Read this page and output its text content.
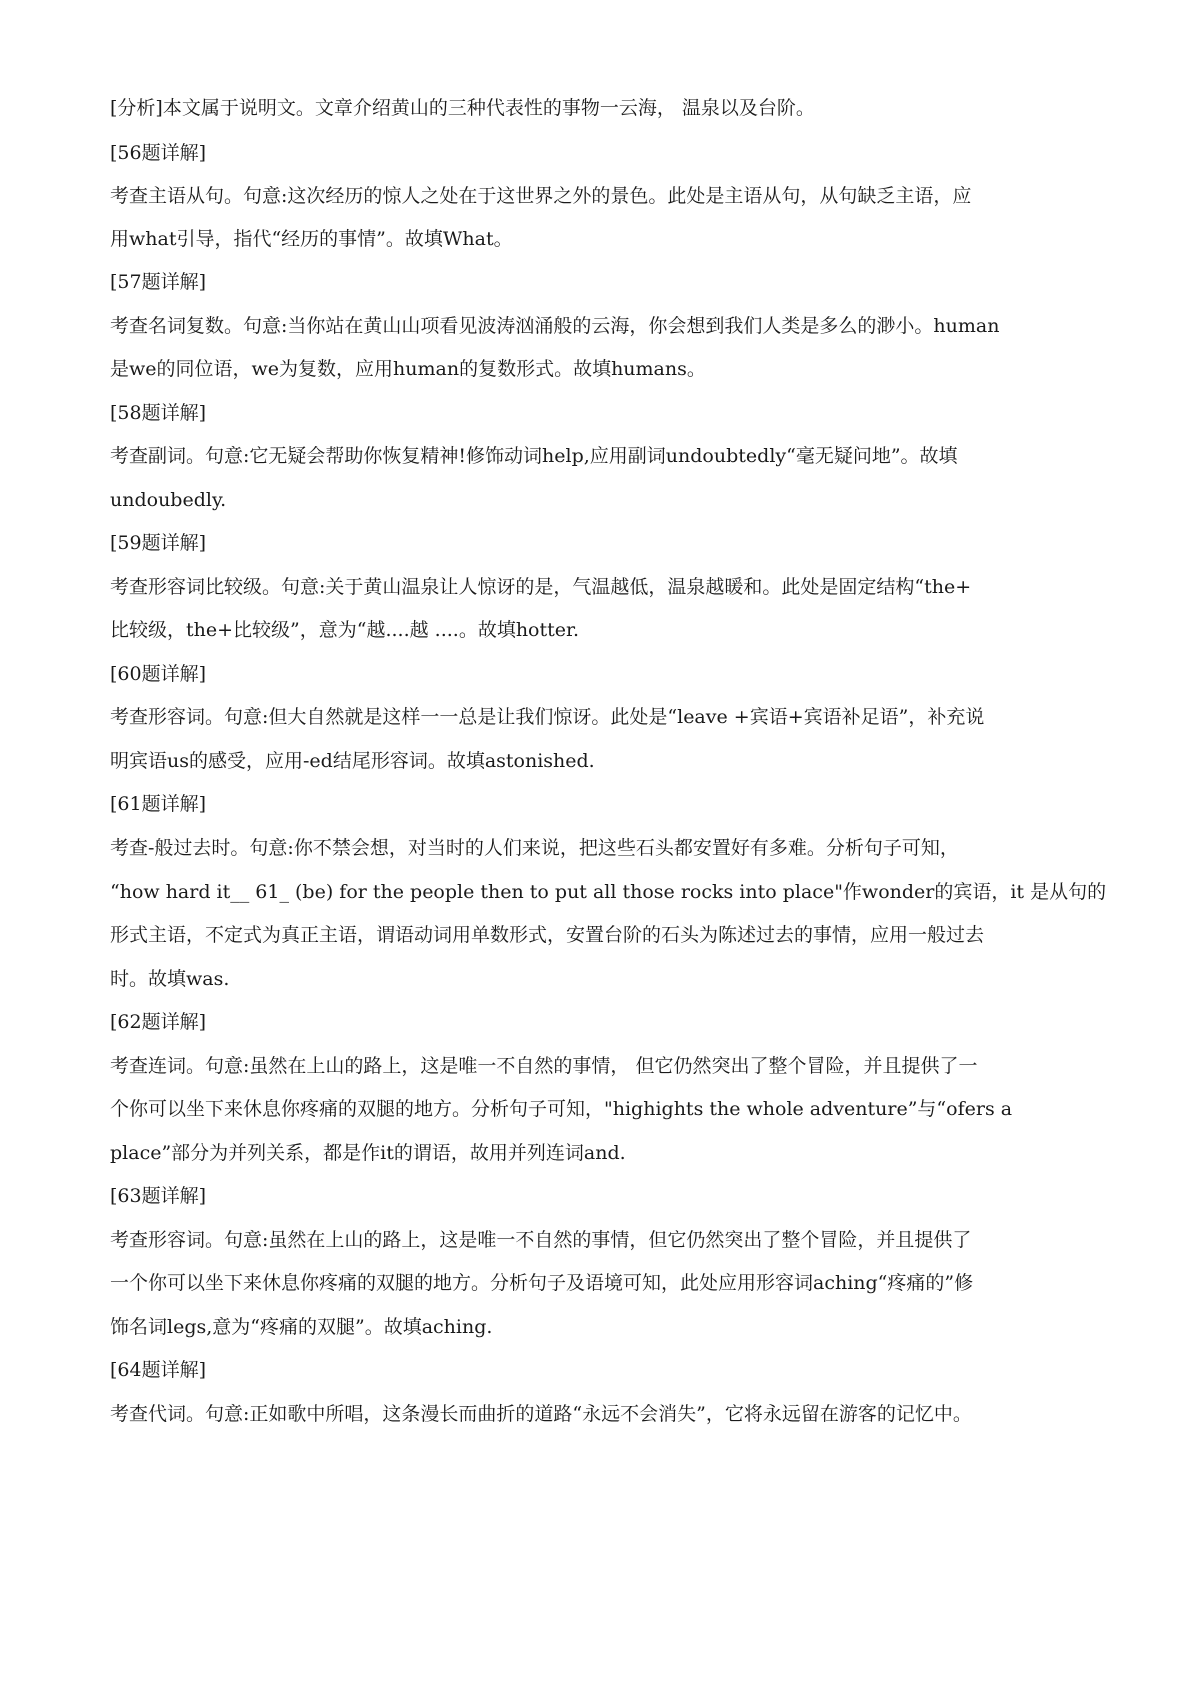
[分析]本文属于说明文。文章介绍黄山的三种代表性的事物一云海， 温泉以及台阶。

[56题详解]

考查主语从句。句意:这次经历的惊人之处在于这世界之外的景色。此处是主语从句，从句缺乏主语，应

用what引导，指代“经历的事情”。故填What。

[57题详解]

考查名词复数。句意:当你站在黄山山项看见波涛汹涌般的云海，你会想到我们人类是多么的渺小。human

是we的同位语，we为复数，应用human的复数形式。故填humans。

[58题详解]

考查副词。句意:它无疑会帮助你恢复精神!修饰动词help,应用副词undoubtedly“毫无疑问地”。故填

undoubedly.

[59题详解]

考查形容词比较级。句意:关于黄山温泉让人惊讶的是，气温越低，温泉越暖和。此处是固定结构“the+

比较级，the+比较级”，意为“越....越 ....。故填hotter.

[60题详解]

考查形容词。句意:但大自然就是这样一一总是让我们惊讶。此处是“leave +宾语+宾语补足语”，补充说

明宾语us的感受，应用-ed结尾形容词。故填astonished.

[61题详解]

考查-般过去时。句意:你不禁会想，对当时的人们来说，把这些石头都安置好有多难。分析句子可知，

“how hard it__ 61_ (be) for the people then to put all those rocks into place"作wonder的宾语，it 是从句的

形式主语，不定式为真正主语，谓语动词用单数形式，安置台阶的石头为陈述过去的事情，应用一般过去

时。故填was.

[62题详解]

考查连词。句意:虽然在上山的路上，这是唯一不自然的事情， 但它仍然突出了整个冒险，并且提供了一

个你可以坐下来休息你疼痛的双腿的地方。分析句子可知，"highights the whole adventure”与“ofers a

place”部分为并列关系，都是作it的谓语，故用并列连词and.

[63题详解]

考查形容词。句意:虽然在上山的路上，这是唯一不自然的事情，但它仍然突出了整个冒险，并且提供了

一个你可以坐下来休息你疼痛的双腿的地方。分析句子及语境可知，此处应用形容词aching“疼痛的”修

饰名词legs,意为“疼痛的双腿”。故填aching.

[64题详解]

考查代词。句意:正如歌中所唱，这条漫长而曲折的道路“永远不会消失”，它将永远留在游客的记忆中。
